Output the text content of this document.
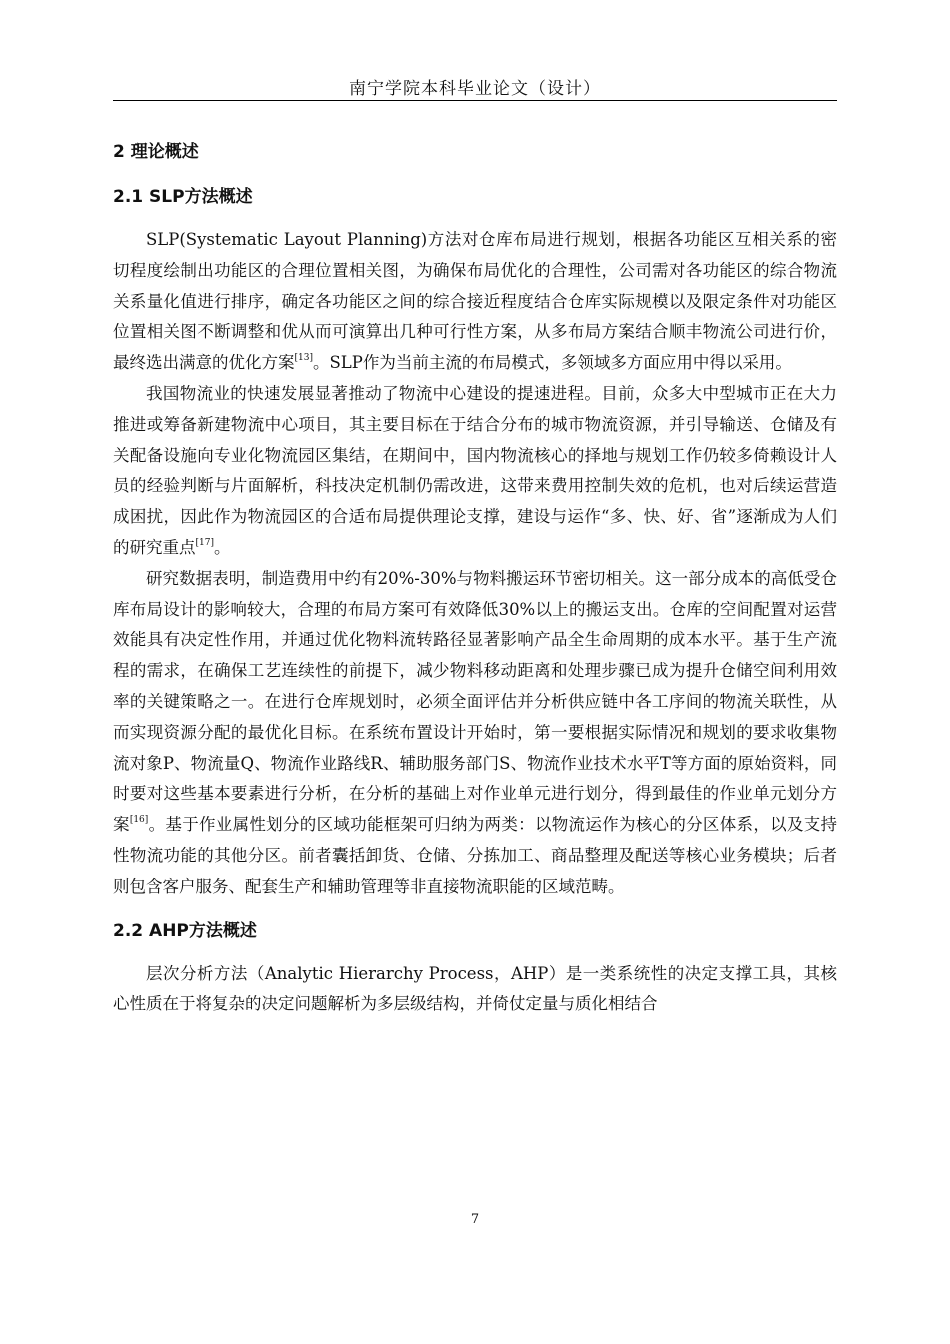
南宁学院本科毕业论文（设计）
2 理论概述
2.1 SLP方法概述

SLP(Systematic Layout Planning)方法对仓库布局进行规划，根据各功能区互相关系的密切程度绘制出功能区的合理位置相关图，为确保布局优化的合理性，公司需对各功能区的综合物流关系量化值进行排序，确定各功能区之间的综合接近程度结合仓库实际规模以及限定条件对功能区位置相关图不断调整和优从而可演算出几种可行性方案，从多布局方案结合顺丰物流公司进行价，最终选出满意的优化方案[13]。SLP作为当前主流的布局模式，多领域多方面应用中得以采用。

我国物流业的快速发展显著推动了物流中心建设的提速进程。目前，众多大中型城市正在大力推进或筹备新建物流中心项目，其主要目标在于结合分布的城市物流资源，并引导输送、仓储及有关配备设施向专业化物流园区集结，在期间中，国内物流核心的择地与规划工作仍较多倚赖设计人员的经验判断与片面解析，科技决定机制仍需改进，这带来费用控制失效的危机，也对后续运营造成困扰，因此作为物流园区的合适布局提供理论支撑，建设与运作“多、快、好、省”逐渐成为人们的研究重点[17]。

研究数据表明，制造费用中约有20%-30%与物料搬运环节密切相关。这一部分成本的高低受仓库布局设计的影响较大，合理的布局方案可有效降低30%以上的搬运支出。仓库的空间配置对运营效能具有决定性作用，并通过优化物料流转路径显著影响产品全生命周期的成本水平。基于生产流程的需求，在确保工艺连续性的前提下，减少物料移动距离和处理步骤已成为提升仓储空间利用效率的关键策略之一。在进行仓库规划时，必须全面评估并分析供应链中各工序间的物流关联性，从而实现资源分配的最优化目标。在系统布置设计开始时，第一要根据实际情况和规划的要求收集物流对象P、物流量Q、物流作业路线R、辅助服务部门S、物流作业技术水平T等方面的原始资料，同时要对这些基本要素进行分析，在分析的基础上对作业单元进行划分，得到最佳的作业单元划分方案[16]。基于作业属性划分的区域功能框架可归纳为两类：以物流运作为核心的分区体系，以及支持性物流功能的其他分区。前者囊括卸货、仓储、分拣加工、商品整理及配送等核心业务模块；后者则包含客户服务、配套生产和辅助管理等非直接物流职能的区域范畴。

2.2 AHP方法概述

层次分析方法（Analytic Hierarchy Process，AHP）是一类系统性的决定支撑工具，其核心性质在于将复杂的决定问题解析为多层级结构，并倚仗定量与质化相结合

7
